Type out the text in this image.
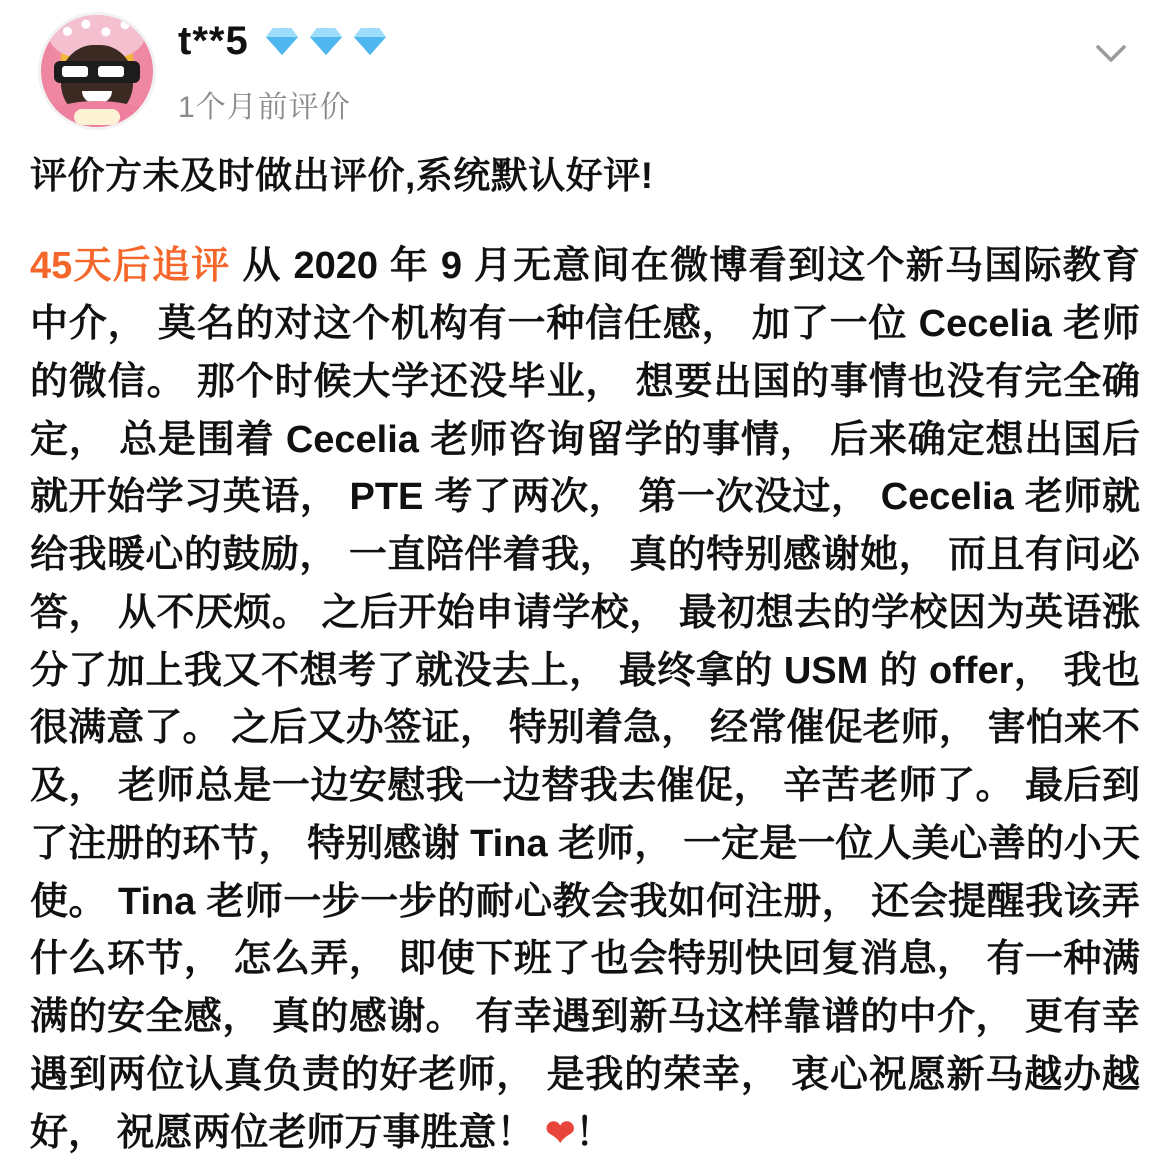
t**5
1个月前评价
评价方未及时做出评价,系统默认好评!
45天后追评 从 2020 年 9 月无意间在微博看到这个新马国际教育中介， 莫名的对这个机构有一种信任感， 加了一位 Cecelia 老师的微信。 那个时候大学还没毕业， 想要出国的事情也没有完全确定， 总是围着 Cecelia 老师咨询留学的事情， 后来确定想出国后就开始学习英语， PTE 考了两次， 第一次没过， Cecelia 老师就给我暖心的鼓励， 一直陪伴着我， 真的特别感谢她， 而且有问必答， 从不厌烦。 之后开始申请学校， 最初想去的学校因为英语涨分了加上我又不想考了就没去上， 最终拿的 USM 的 offer， 我也很满意了。 之后又办签证， 特别着急， 经常催促老师， 害怕来不及， 老师总是一边安慰我一边替我去催促， 辛苦老师了。 最后到了注册的环节， 特别感谢 Tina 老师， 一定是一位人美心善的小天使。 Tina 老师一步一步的耐心教会我如何注册， 还会提醒我该弄什么环节， 怎么弄， 即使下班了也会特别快回复消息， 有一种满满的安全感， 真的感谢。 有幸遇到新马这样靠谱的中介， 更有幸遇到两位认真负责的好老师， 是我的荣幸， 衷心祝愿新马越办越好， 祝愿两位老师万事胜意！ ❤！
